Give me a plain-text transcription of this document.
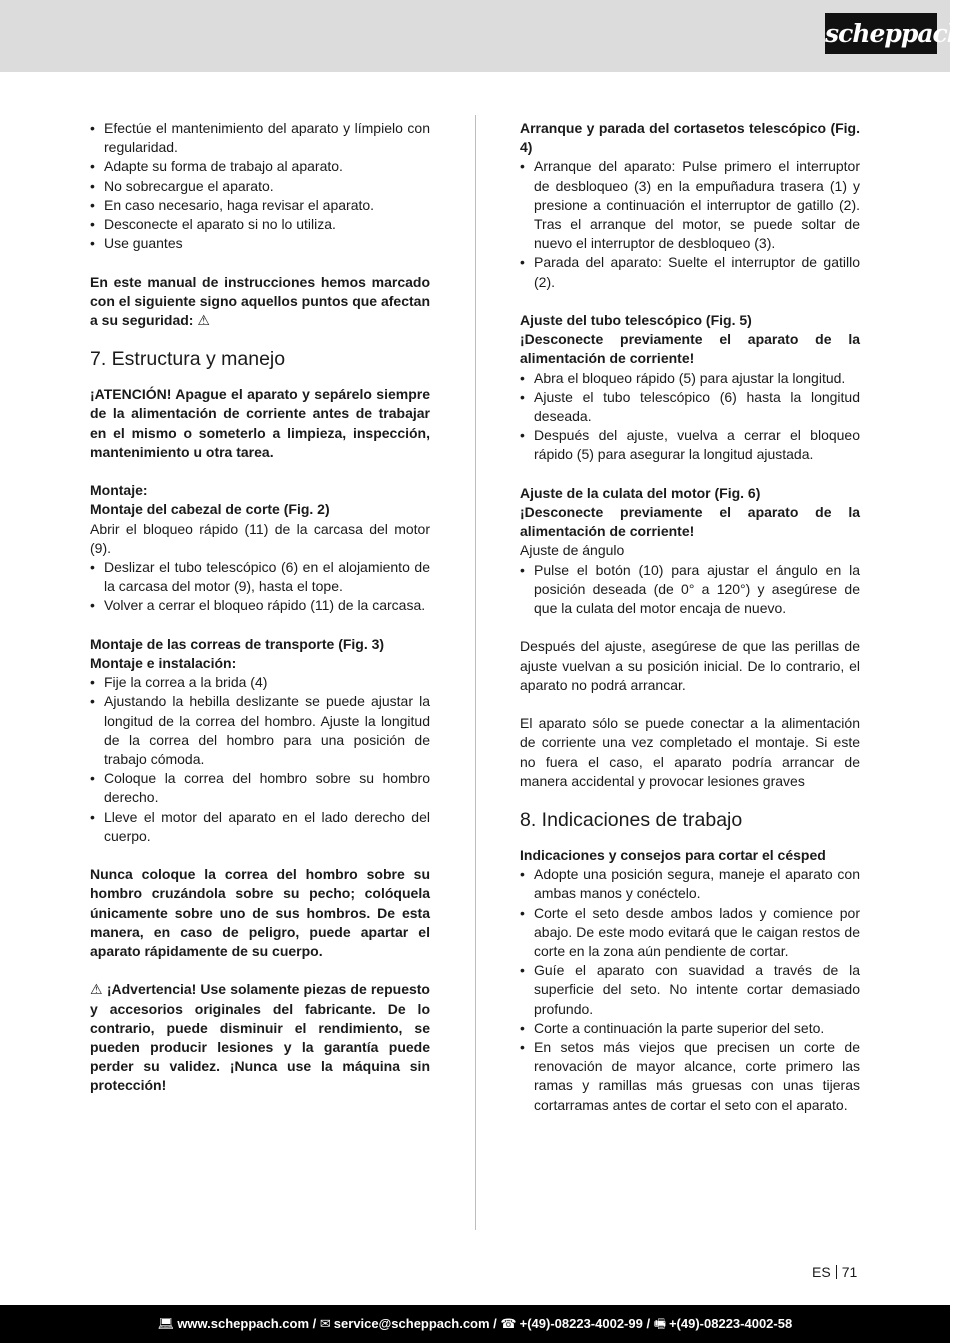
scheppach
• Efectúe el mantenimiento del aparato y límpielo con regularidad.
• Adapte su forma de trabajo al aparato.
• No sobrecargue el aparato.
• En caso necesario, haga revisar el aparato.
• Desconecte el aparato si no lo utiliza.
• Use guantes

En este manual de instrucciones hemos marcado con el siguiente signo aquellos puntos que afectan a su seguridad: ⚠

7. Estructura y manejo

¡ATENCIÓN! Apague el aparato y sepárelo siempre de la alimentación de corriente antes de trabajar en el mismo o someterlo a limpieza, inspección, mantenimiento u otra tarea.

Montaje:

Montaje del cabezal de corte (Fig. 2)

Abrir el bloqueo rápido (11) de la carcasa del motor (9).

• Deslizar el tubo telescópico (6) en el alojamiento de la carcasa del motor (9), hasta el tope.
• Volver a cerrar el bloqueo rápido (11) de la carcasa.

Montaje de las correas de transporte (Fig. 3)

Montaje e instalación:

• Fije la correa a la brida (4)
• Ajustando la hebilla deslizante se puede ajustar la longitud de la correa del hombro. Ajuste la longitud de la correa del hombro para una posición de trabajo cómoda.
• Coloque la correa del hombro sobre su hombro derecho.
• Lleve el motor del aparato en el lado derecho del cuerpo.

Nunca coloque la correa del hombro sobre su hombro cruzándola sobre su pecho; colóquela únicamente sobre uno de sus hombros. De esta manera, en caso de peligro, puede apartar el aparato rápidamente de su cuerpo.

⚠ ¡Advertencia! Use solamente piezas de repuesto y accesorios originales del fabricante. De lo contrario, puede disminuir el rendimiento, se pueden producir lesiones y la garantía puede perder su validez. ¡Nunca use la máquina sin protección!

Arranque y parada del cortasetos telescópico (Fig. 4)

• Arranque del aparato: Pulse primero el interruptor de desbloqueo (3) en la empuñadura trasera (1) y presione a continuación el interruptor de gatillo (2). Tras el arranque del motor, se puede soltar de nuevo el interruptor de desbloqueo (3).
• Parada del aparato: Suelte el interruptor de gatillo (2).

Ajuste del tubo telescópico (Fig. 5)

¡Desconecte previamente el aparato de la alimentación de corriente!

• Abra el bloqueo rápido (5) para ajustar la longitud.
• Ajuste el tubo telescópico (6) hasta la longitud deseada.
• Después del ajuste, vuelva a cerrar el bloqueo rápido (5) para asegurar la longitud ajustada.

Ajuste de la culata del motor (Fig. 6)

¡Desconecte previamente el aparato de la alimentación de corriente!

Ajuste de ángulo

• Pulse el botón (10) para ajustar el ángulo en la posición deseada (de 0° a 120°) y asegúrese de que la culata del motor encaja de nuevo.

Después del ajuste, asegúrese de que las perillas de ajuste vuelvan a su posición inicial. De lo contrario, el aparato no podrá arrancar.

El aparato sólo se puede conectar a la alimentación de corriente una vez completado el montaje. Si este no fuera el caso, el aparato podría arrancar de manera accidental y provocar lesiones graves

8. Indicaciones de trabajo

Indicaciones y consejos para cortar el césped

• Adopte una posición segura, maneje el aparato con ambas manos y conéctelo.
• Corte el seto desde ambos lados y comience por abajo. De este modo evitará que le caigan restos de corte en la zona aún pendiente de cortar.
• Guíe el aparato con suavidad a través de la superficie del seto. No intente cortar demasiado profundo.
• Corte a continuación la parte superior del seto.
• En setos más viejos que precisen un corte de renovación de mayor alcance, corte primero las ramas y ramillas más gruesas con unas tijeras cortarramas antes de cortar el seto con el aparato.
ES 71
💻︎ www.scheppach.com / ✉ service@scheppach.com / ☎ +(49)-08223-4002-99 / 🖷︎ +(49)-08223-4002-58
